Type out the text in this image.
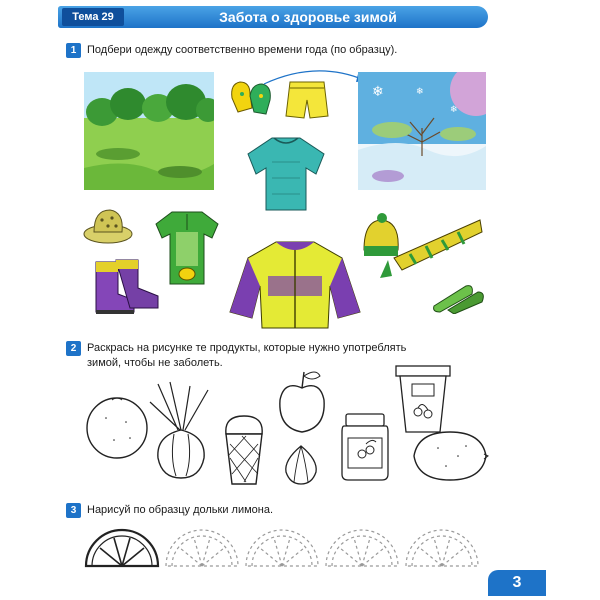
Тема 29	Забота о здоровье зимой
1 Подбери одежду соответственно времени года (по образцу).
❄	❄
❄
2 Раскрась на рисунке те продукты, которые нужно употреблять
зимой, чтобы не заболеть.
3 Нарисуй по образцу дольки лимона.
3
